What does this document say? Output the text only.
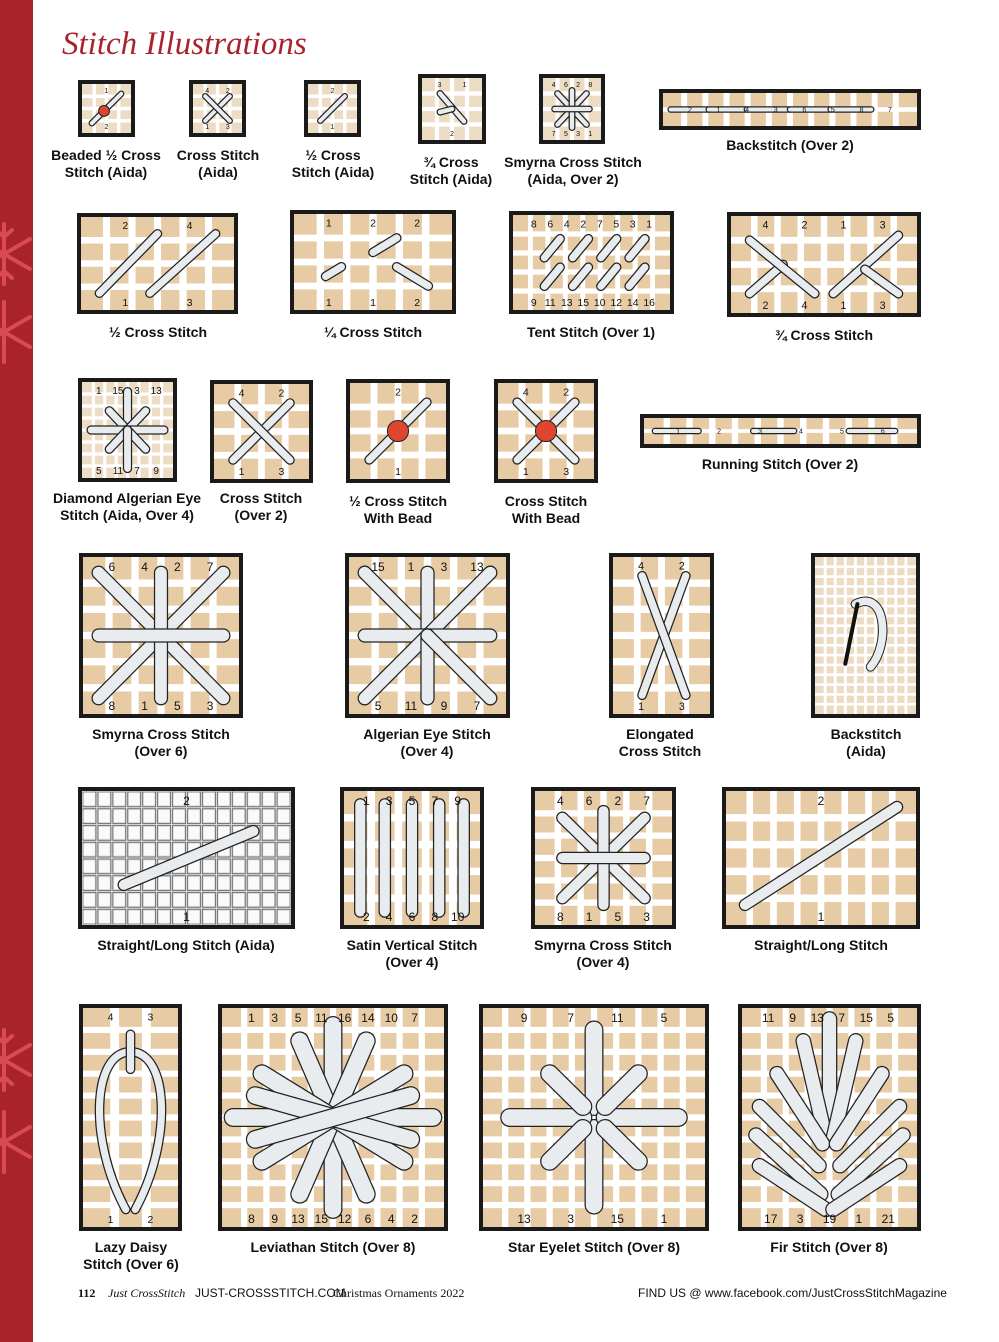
Stitch Illustrations
1
2
Beaded ½ Cross
Stitch (Aida)
4 2
1 3
Cross Stitch
(Aida)
2
1
½ Cross
Stitch (Aida)
3	1
2
¾ Cross
Stitch (Aida)
4 6 2 8
7 5 3 1
Smyrna Cross Stitch
(Aida, Over 2)
2	1	4	3	6	5	8	7
Backstitch (Over 2)
2	4
1	3
½ Cross Stitch
1	2	2
1	1	2
¼ Cross Stitch
8 6 4 2 7 5 3 1
9 11 13 15 10 12 14 16
Tent Stitch (Over 1)
4	2	1	3
2	4	1	3
¾ Cross Stitch
1 15 3 13
5 11 7 9
Diamond Algerian Eye
Stitch (Aida, Over 4)
4	2
1	3
Cross Stitch
(Over 2)
2
1
½ Cross Stitch
With Bead
4	2
1	3
Cross Stitch
With Bead
1	2	3	4	5	6
Running Stitch (Over 2)
6 4 2 7
8 1 5 3
Smyrna Cross Stitch
(Over 6)
15 1 3 13
5 11 9 7
Algerian Eye Stitch
(Over 4)
4	2
1	3
Elongated
Cross Stitch
Backstitch
(Aida)
2
1
Straight/Long Stitch (Aida)
1 3 5 7 9
2 4 6 8 10
Satin Vertical Stitch
(Over 4)
4 6 2 7
8 1 5 3
Smyrna Cross Stitch
(Over 4)
2
1
Straight/Long Stitch
4	3
1	2
Lazy Daisy
Stitch (Over 6)
1 3 5 11 16 14 10 7
8 9 13 15 12 6 4 2
Leviathan Stitch (Over 8)
9	7	11	5
13	3	15	1
Star Eyelet Stitch (Over 8)
11 9 13 7 15 5
17 3 19 1 21
Fir Stitch (Over 8)
112 Just CrossStitch JUST-CROSSSTITCH.COM
Christmas Ornaments 2022	FIND US @ www.facebook.com/JustCrossStitchMagazine
